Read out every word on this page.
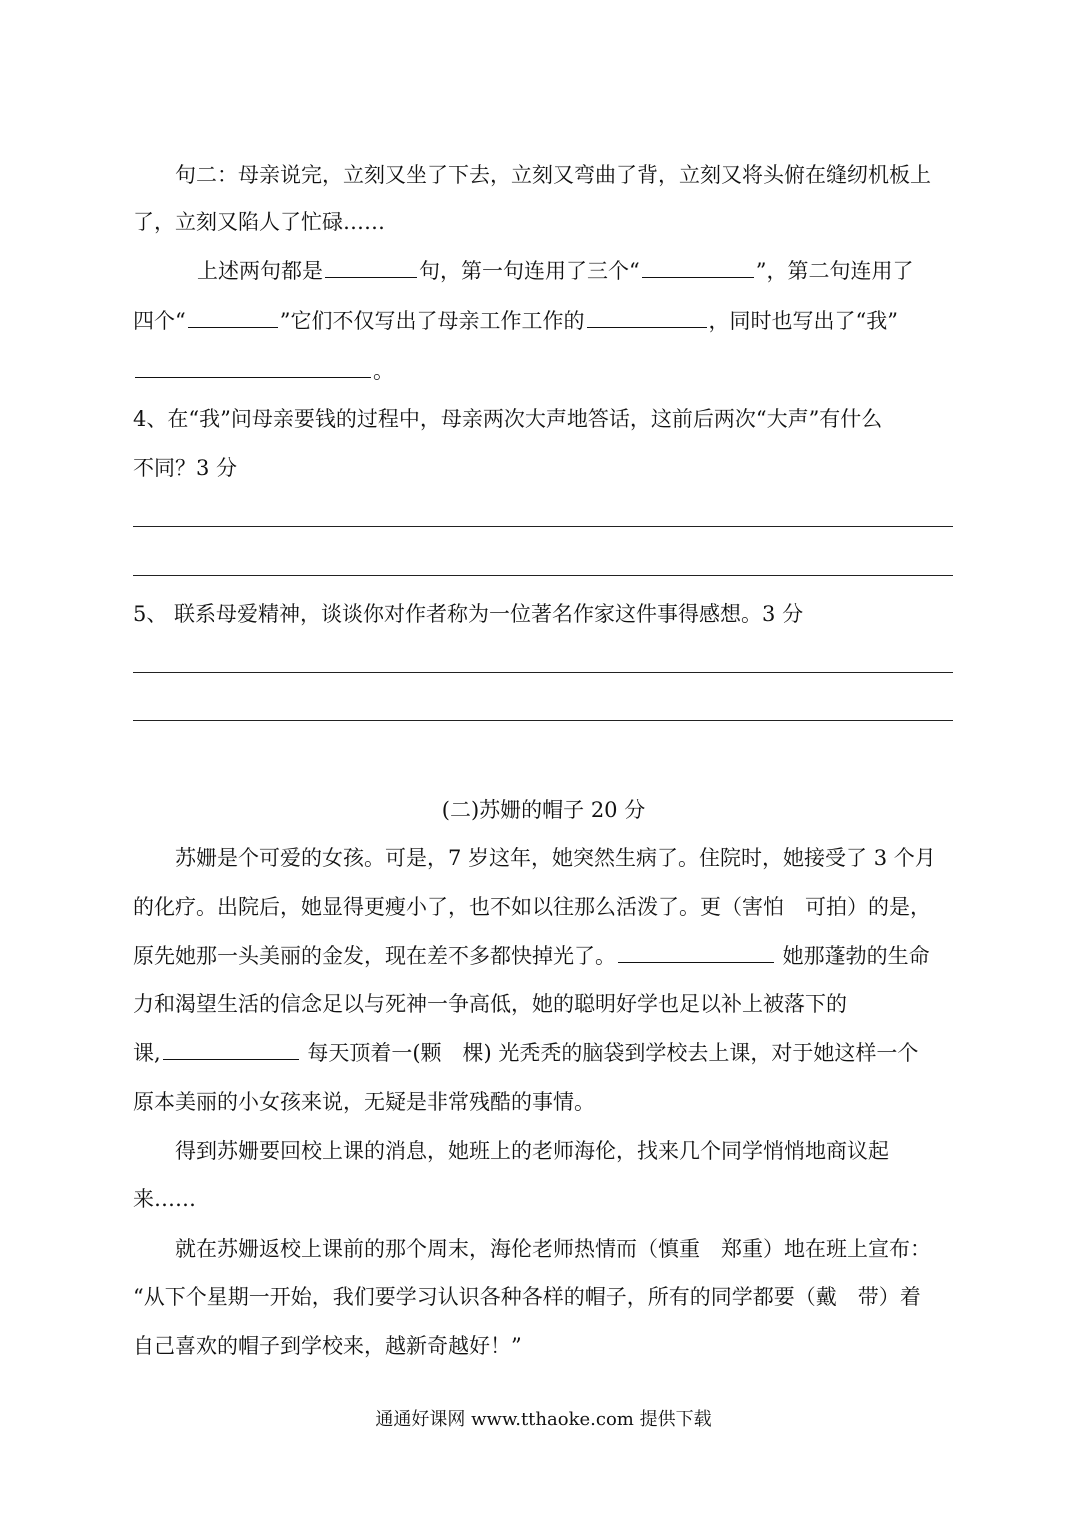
句二：母亲说完，立刻又坐了下去，立刻又弯曲了背，立刻又将头俯在缝纫机板上
了，立刻又陷人了忙碌……
上述两句都是	句，第一句连用了三个“	”，第二句连用了
四个“	”它们不仅写出了母亲工作工作的	，同时也写出了“我”
。
4、在“我”问母亲要钱的过程中，母亲两次大声地答话，这前后两次“大声”有什么
不同？3 分
5、 联系母爱精神，谈谈你对作者称为一位著名作家这件事得感想。3 分
(二)苏姗的帽子 20 分
苏姗是个可爱的女孩。可是，7 岁这年，她突然生病了。住院时，她接受了 3 个月
的化疗。出院后，她显得更瘦小了，也不如以往那么活泼了。更（害怕　可拍）的是，
原先她那一头美丽的金发，现在差不多都快掉光了。	她那蓬勃的生命
力和渴望生活的信念足以与死神一争高低，她的聪明好学也足以补上被落下的
课,	每天顶着一(颗　棵) 光秃秃的脑袋到学校去上课，对于她这样一个
原本美丽的小女孩来说，无疑是非常残酷的事情。
得到苏姗要回校上课的消息，她班上的老师海伦，找来几个同学悄悄地商议起
来……
就在苏姗返校上课前的那个周末，海伦老师热情而（慎重　郑重）地在班上宣布：
“从下个星期一开始，我们要学习认识各种各样的帽子，所有的同学都要（戴　带）着
自己喜欢的帽子到学校来，越新奇越好！”
通通好课网 www.tthaoke.com 提供下载
